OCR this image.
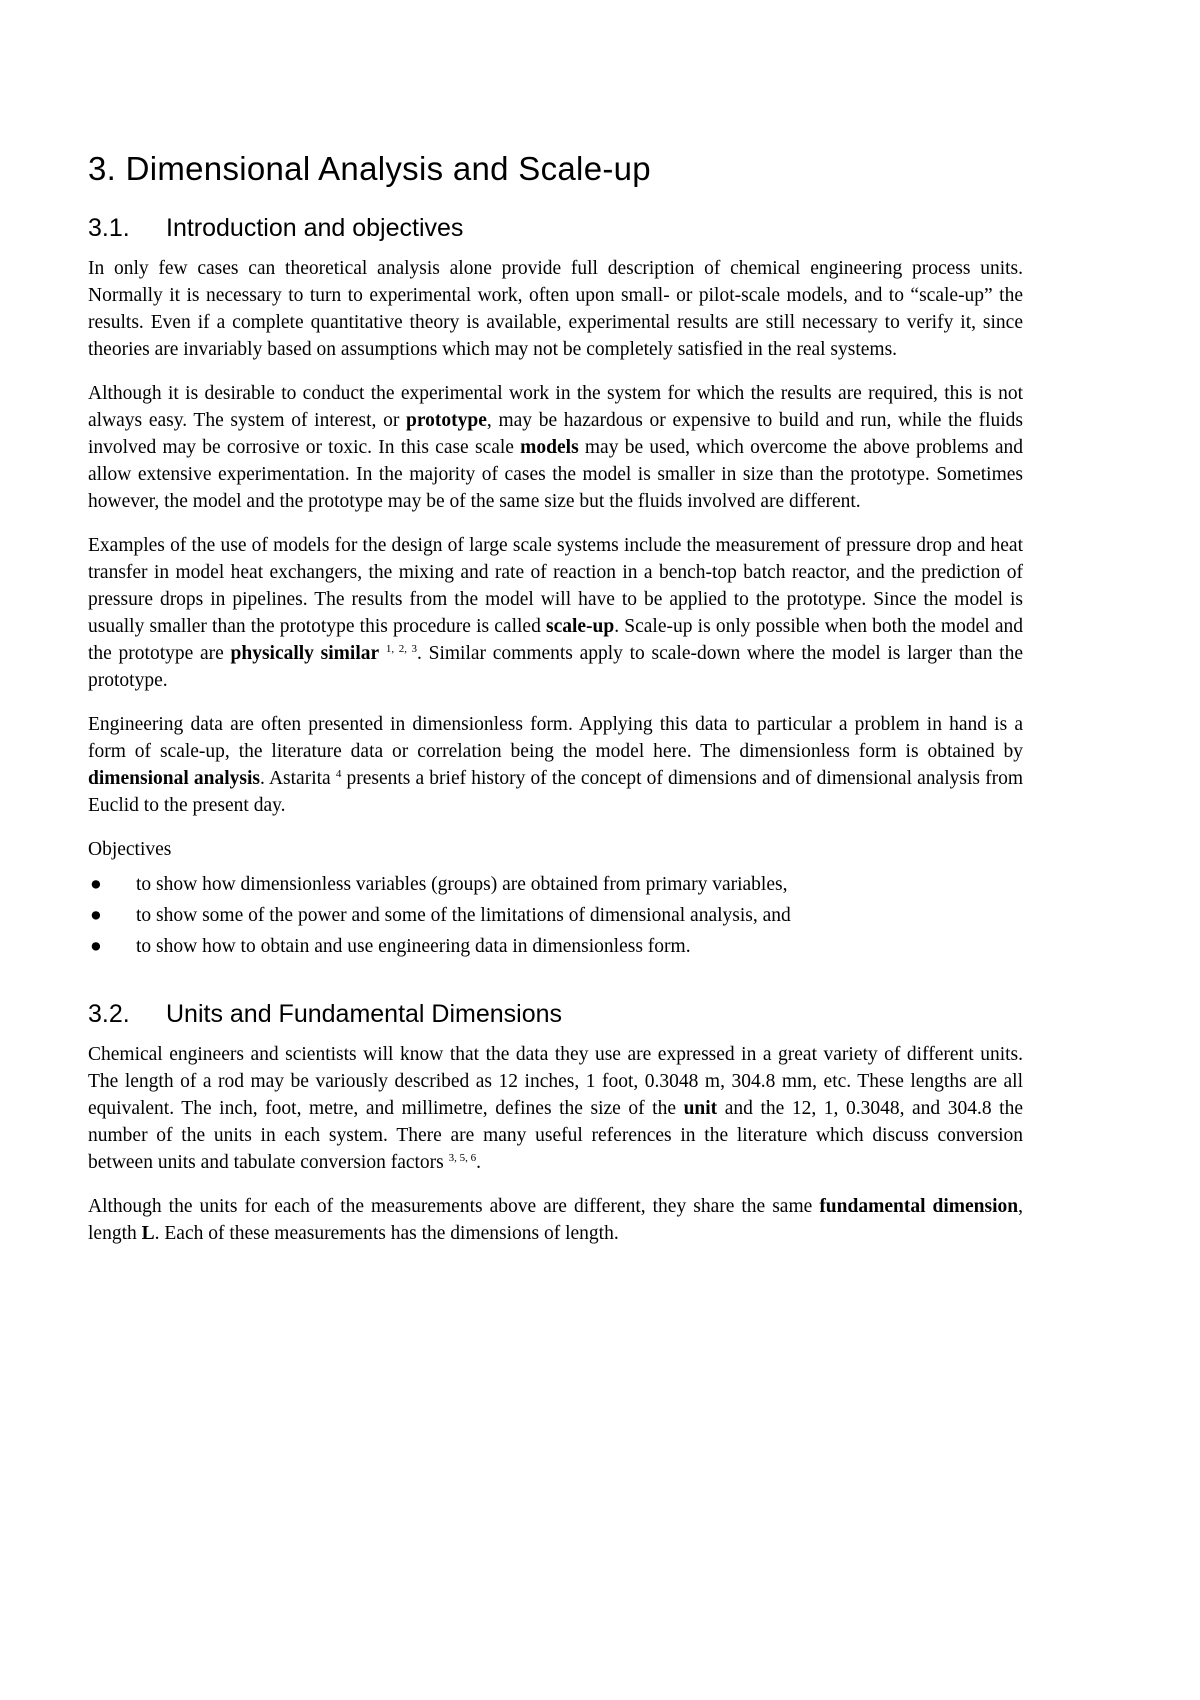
3. Dimensional Analysis and Scale-up
3.1. Introduction and objectives

In only few cases can theoretical analysis alone provide full description of chemical engineering process units. Normally it is necessary to turn to experimental work, often upon small- or pilot-scale models, and to “scale-up” the results. Even if a complete quantitative theory is available, experimental results are still necessary to verify it, since theories are invariably based on assumptions which may not be completely satisfied in the real systems.

Although it is desirable to conduct the experimental work in the system for which the results are required, this is not always easy. The system of interest, or prototype, may be hazardous or expensive to build and run, while the fluids involved may be corrosive or toxic. In this case scale models may be used, which overcome the above problems and allow extensive experimentation. In the majority of cases the model is smaller in size than the prototype. Sometimes however, the model and the prototype may be of the same size but the fluids involved are different.

Examples of the use of models for the design of large scale systems include the measurement of pressure drop and heat transfer in model heat exchangers, the mixing and rate of reaction in a bench-top batch reactor, and the prediction of pressure drops in pipelines. The results from the model will have to be applied to the prototype. Since the model is usually smaller than the prototype this procedure is called scale-up. Scale-up is only possible when both the model and the prototype are physically similar $^{1, 2, 3}$. Similar comments apply to scale-down where the model is larger than the prototype.

Engineering data are often presented in dimensionless form. Applying this data to particular a problem in hand is a form of scale-up, the literature data or correlation being the model here. The dimensionless form is obtained by dimensional analysis. Astarita $^4$ presents a brief history of the concept of dimensions and of dimensional analysis from Euclid to the present day.

Objectives

● to show how dimensionless variables (groups) are obtained from primary variables,
● to show some of the power and some of the limitations of dimensional analysis, and
● to show how to obtain and use engineering data in dimensionless form.
3.2. Units and Fundamental Dimensions

Chemical engineers and scientists will know that the data they use are expressed in a great variety of different units. The length of a rod may be variously described as 12 inches, 1 foot, 0.3048 m, 304.8 mm, etc. These lengths are all equivalent. The inch, foot, metre, and millimetre, defines the size of the unit and the 12, 1, 0.3048, and 304.8 the number of the units in each system. There are many useful references in the literature which discuss conversion between units and tabulate conversion factors $^{3, 5, 6}$.

Although the units for each of the measurements above are different, they share the same fundamental dimension, length L. Each of these measurements has the dimensions of length.
